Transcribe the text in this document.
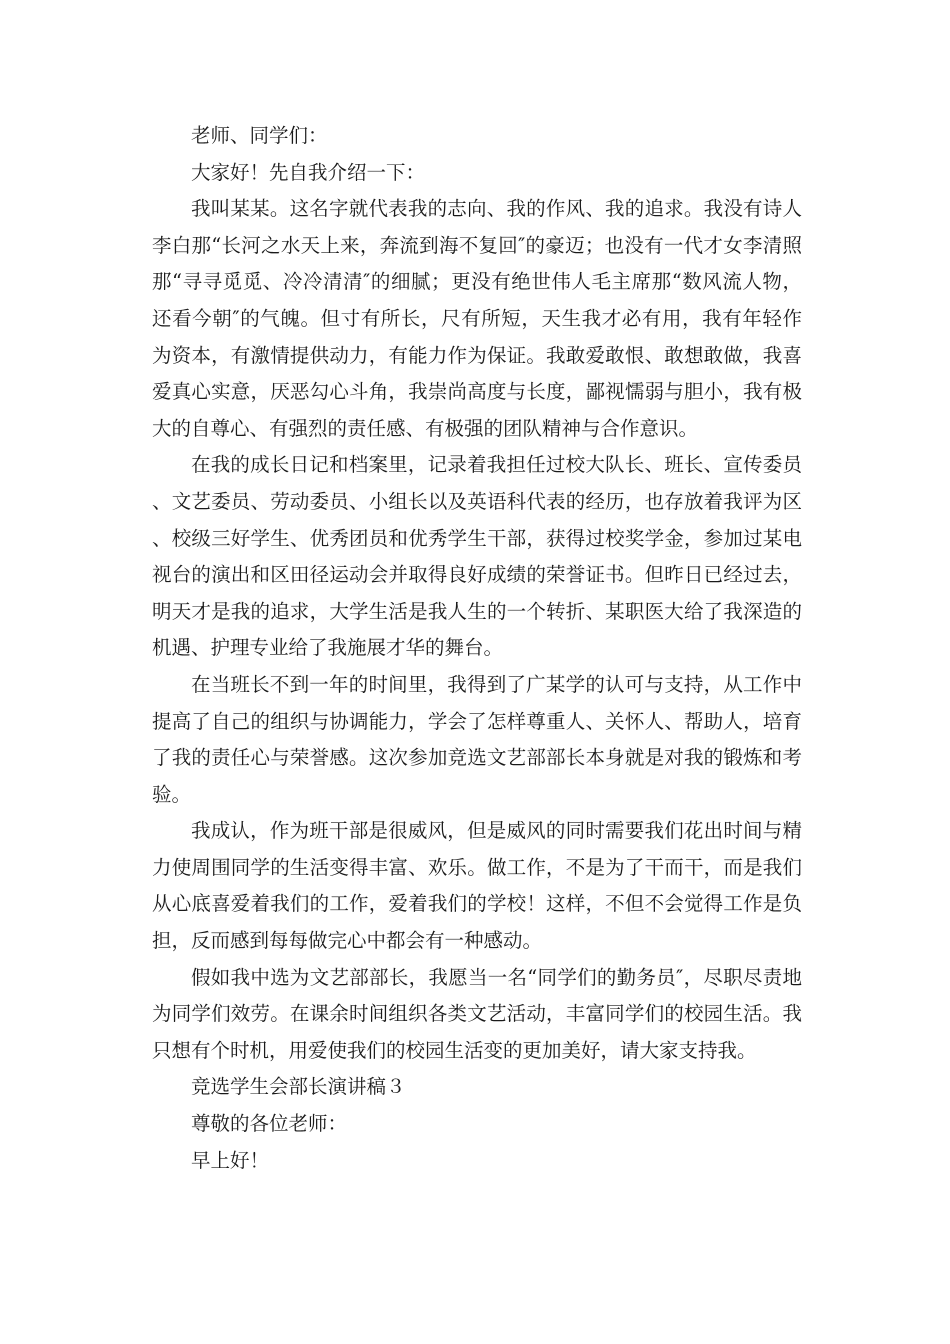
老师、同学们：

大家好！先自我介绍一下：

我叫某某。这名字就代表我的志向、我的作风、我的追求。我没有诗人李白那“长河之水天上来，奔流到海不复回″的豪迈；也没有一代才女李清照那“寻寻觅觅、冷冷清清″的细腻；更没有绝世伟人毛主席那“数风流人物，还看今朝″的气魄。但寸有所长，尺有所短，天生我才必有用，我有年轻作为资本，有激情提供动力，有能力作为保证。我敢爱敢恨、敢想敢做，我喜爱真心实意，厌恶勾心斗角，我崇尚高度与长度，鄙视懦弱与胆小，我有极大的自尊心、有强烈的责任感、有极强的团队精神与合作意识。

在我的成长日记和档案里，记录着我担任过校大队长、班长、宣传委员、文艺委员、劳动委员、小组长以及英语科代表的经历，也存放着我评为区、校级三好学生、优秀团员和优秀学生干部，获得过校奖学金，参加过某电视台的演出和区田径运动会并取得良好成绩的荣誉证书。但昨日已经过去，明天才是我的追求，大学生活是我人生的一个转折、某职医大给了我深造的机遇、护理专业给了我施展才华的舞台。

在当班长不到一年的时间里，我得到了广某学的认可与支持，从工作中提高了自己的组织与协调能力，学会了怎样尊重人、关怀人、帮助人，培育了我的责任心与荣誉感。这次参加竞选文艺部部长本身就是对我的锻炼和考验。

我成认，作为班干部是很威风，但是威风的同时需要我们花出时间与精力使周围同学的生活变得丰富、欢乐。做工作，不是为了干而干，而是我们从心底喜爱着我们的工作，爱着我们的学校！这样，不但不会觉得工作是负担，反而感到每每做完心中都会有一种感动。

假如我中选为文艺部部长，我愿当一名“同学们的勤务员″，尽职尽责地为同学们效劳。在课余时间组织各类文艺活动，丰富同学们的校园生活。我只想有个时机，用爱使我们的校园生活变的更加美好，请大家支持我。

竞选学生会部长演讲稿３

尊敬的各位老师：

早上好！
